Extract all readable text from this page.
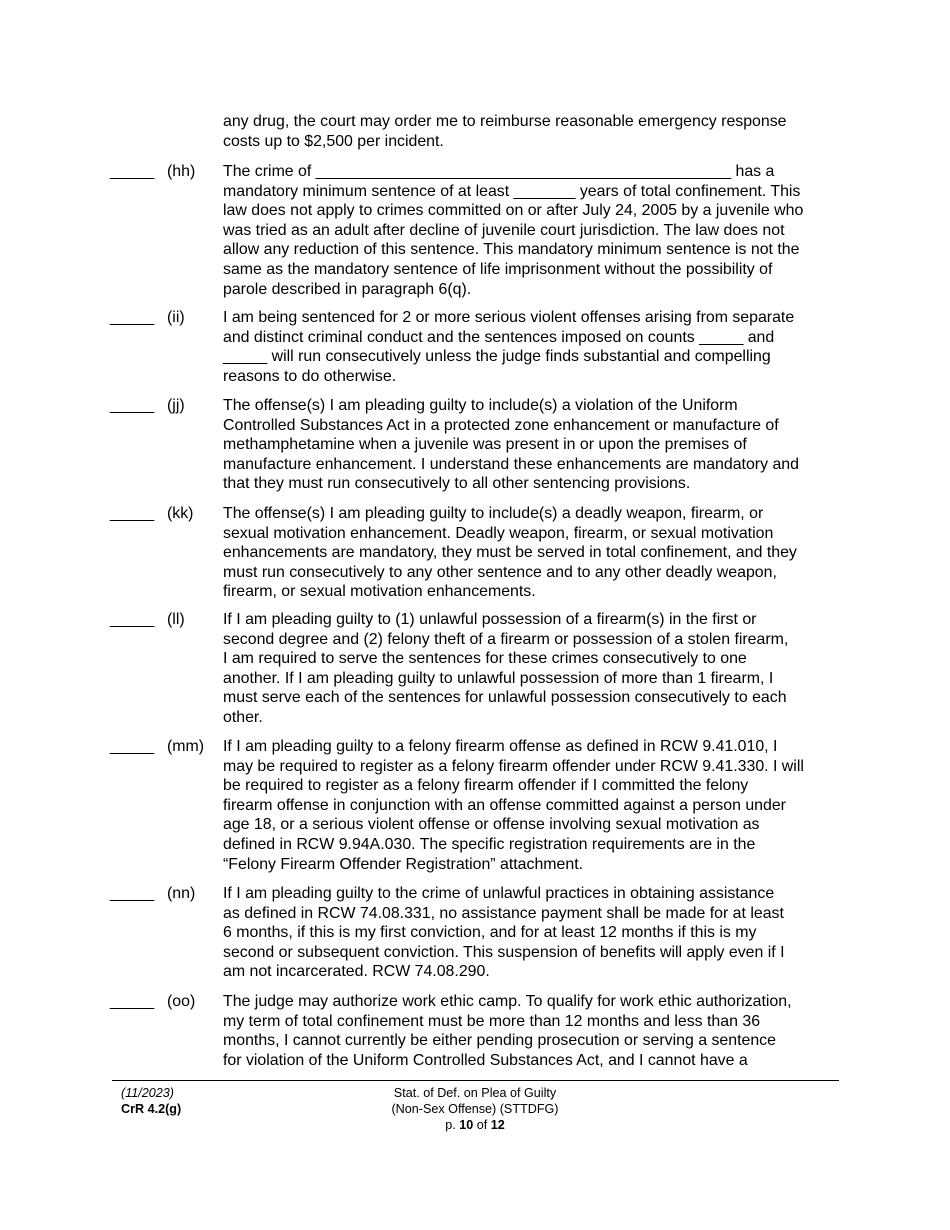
any drug, the court may order me to reimburse reasonable emergency response
costs up to $2,500 per incident.
_____ (hh) The crime of _______________________________________________ has a

mandatory minimum sentence of at least _______ years of total confinement. This

law does not apply to crimes committed on or after July 24, 2005 by a juvenile who

was tried as an adult after decline of juvenile court jurisdiction. The law does not

allow any reduction of this sentence. This mandatory minimum sentence is not the

same as the mandatory sentence of life imprisonment without the possibility of

parole described in paragraph 6(q).

_____ (ii) I am being sentenced for 2 or more serious violent offenses arising from separate

and distinct criminal conduct and the sentences imposed on counts _____ and

_____ will run consecutively unless the judge finds substantial and compelling

reasons to do otherwise.

_____ (jj) The offense(s) I am pleading guilty to include(s) a violation of the Uniform

Controlled Substances Act in a protected zone enhancement or manufacture of

methamphetamine when a juvenile was present in or upon the premises of

manufacture enhancement. I understand these enhancements are mandatory and

that they must run consecutively to all other sentencing provisions.

_____ (kk) The offense(s) I am pleading guilty to include(s) a deadly weapon, firearm, or

sexual motivation enhancement. Deadly weapon, firearm, or sexual motivation

enhancements are mandatory, they must be served in total confinement, and they

must run consecutively to any other sentence and to any other deadly weapon,

firearm, or sexual motivation enhancements.

_____ (ll) If I am pleading guilty to (1) unlawful possession of a firearm(s) in the first or

second degree and (2) felony theft of a firearm or possession of a stolen firearm,

I am required to serve the sentences for these crimes consecutively to one

another. If I am pleading guilty to unlawful possession of more than 1 firearm, I

must serve each of the sentences for unlawful possession consecutively to each

other.

_____ (mm) If I am pleading guilty to a felony firearm offense as defined in RCW 9.41.010, I

may be required to register as a felony firearm offender under RCW 9.41.330. I will

be required to register as a felony firearm offender if I committed the felony

firearm offense in conjunction with an offense committed against a person under

age 18, or a serious violent offense or offense involving sexual motivation as

defined in RCW 9.94A.030. The specific registration requirements are in the

“Felony Firearm Offender Registration” attachment.

_____ (nn) If I am pleading guilty to the crime of unlawful practices in obtaining assistance

as defined in RCW 74.08.331, no assistance payment shall be made for at least

6 months, if this is my first conviction, and for at least 12 months if this is my

second or subsequent conviction. This suspension of benefits will apply even if I

am not incarcerated. RCW 74.08.290.

_____ (oo) The judge may authorize work ethic camp. To qualify for work ethic authorization,

my term of total confinement must be more than 12 months and less than 36

months, I cannot currently be either pending prosecution or serving a sentence

for violation of the Uniform Controlled Substances Act, and I cannot have a

(11/2023)
CrR 4.2(g)
Stat. of Def. on Plea of Guilty
(Non-Sex Offense) (STTDFG)
p. 10 of 12
